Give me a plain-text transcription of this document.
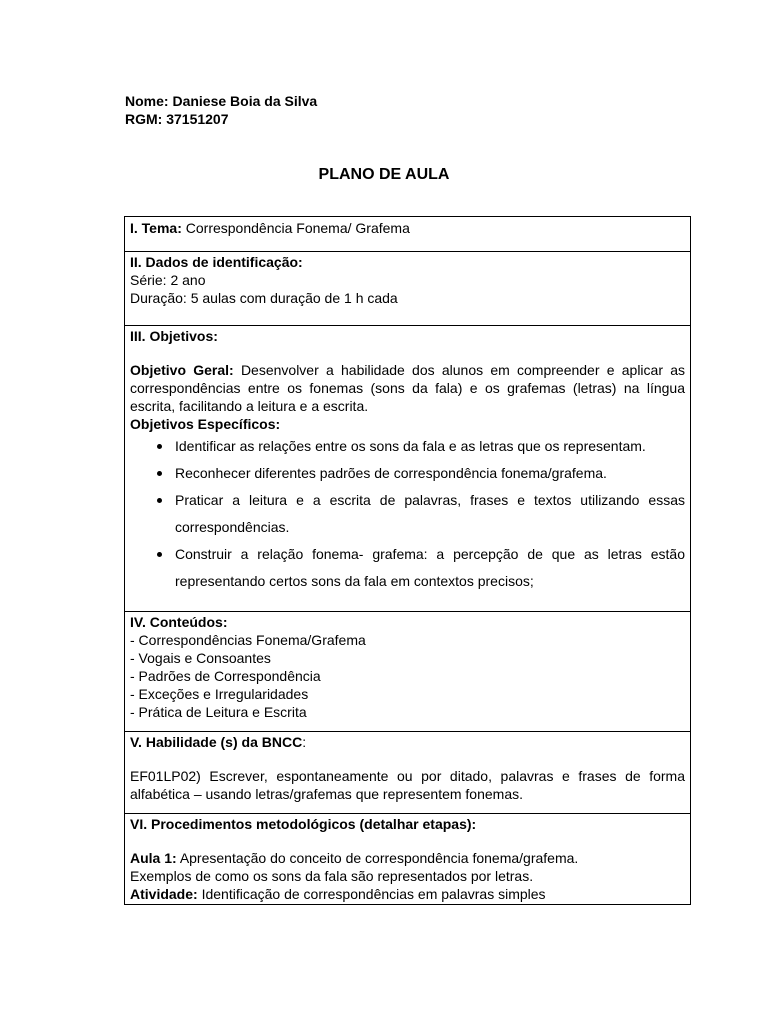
Nome: Daniese Boia da Silva
RGM: 37151207
PLANO DE AULA
I. Tema: Correspondência Fonema/ Grafema

II. Dados de identificação:
Série: 2 ano
Duração: 5 aulas com duração de 1 h cada

III. Objetivos:
Objetivo Geral: Desenvolver a habilidade dos alunos em compreender e aplicar as correspondências entre os fonemas (sons da fala) e os grafemas (letras) na língua escrita, facilitando a leitura e a escrita.
Objetivos Específicos:
Identificar as relações entre os sons da fala e as letras que os representam.
Reconhecer diferentes padrões de correspondência fonema/grafema.
Praticar a leitura e a escrita de palavras, frases e textos utilizando essas correspondências.
Construir a relação fonema- grafema: a percepção de que as letras estão representando certos sons da fala em contextos precisos;

IV. Conteúdos:
- Correspondências Fonema/Grafema
- Vogais e Consoantes
- Padrões de Correspondência
- Exceções e Irregularidades
- Prática de Leitura e Escrita

V. Habilidade (s) da BNCC:
EF01LP02) Escrever, espontaneamente ou por ditado, palavras e frases de forma alfabética – usando letras/grafemas que representem fonemas.

VI. Procedimentos metodológicos (detalhar etapas):
Aula 1: Apresentação do conceito de correspondência fonema/grafema.
Exemplos de como os sons da fala são representados por letras.
Atividade: Identificação de correspondências em palavras simples
